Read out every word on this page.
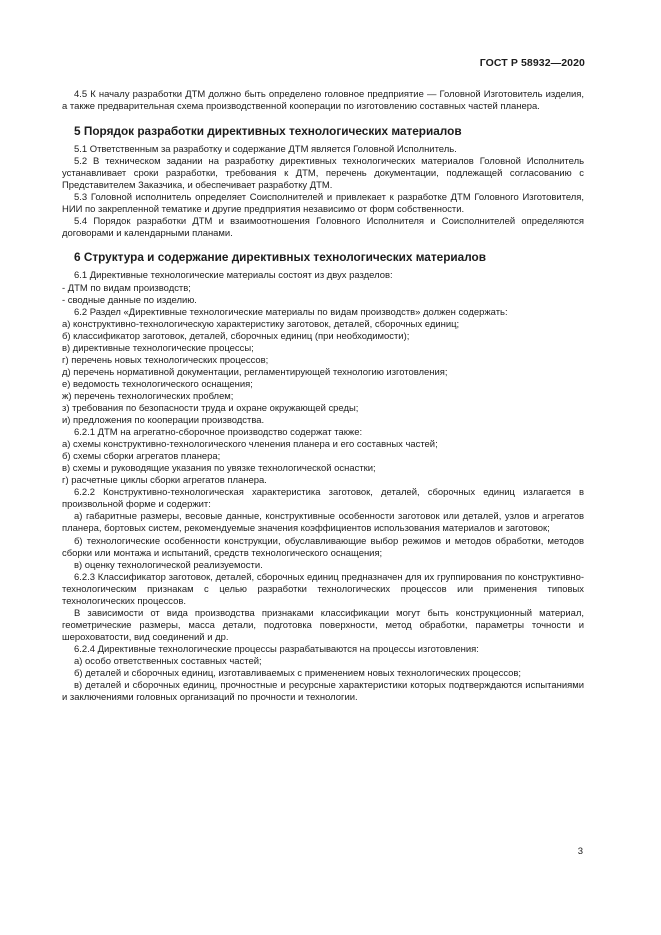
ГОСТ Р 58932—2020

4.5 К началу разработки ДТМ должно быть определено головное предприятие — Головной Изготовитель изделия, а также предварительная схема производственной кооперации по изготовлению составных частей планера.

5 Порядок разработки директивных технологических материалов

5.1 Ответственным за разработку и содержание ДТМ является Головной Исполнитель.

5.2 В техническом задании на разработку директивных технологических материалов Головной Исполнитель устанавливает сроки разработки, требования к ДТМ, перечень документации, подлежащей согласованию с Представителем Заказчика, и обеспечивает разработку ДТМ.

5.3 Головной исполнитель определяет Соисполнителей и привлекает к разработке ДТМ Головного Изготовителя, НИИ по закрепленной тематике и другие предприятия независимо от форм собственности.

5.4 Порядок разработки ДТМ и взаимоотношения Головного Исполнителя и Соисполнителей определяются договорами и календарными планами.

6 Структура и содержание директивных технологических материалов

6.1 Директивные технологические материалы состоят из двух разделов:

- ДТМ по видам производств;

- сводные данные по изделию.

6.2 Раздел «Директивные технологические материалы по видам производств» должен содержать:

а) конструктивно-технологическую характеристику заготовок, деталей, сборочных единиц;

б) классификатор заготовок, деталей, сборочных единиц (при необходимости);

в) директивные технологические процессы;

г) перечень новых технологических процессов;

д) перечень нормативной документации, регламентирующей технологию изготовления;

е) ведомость технологического оснащения;

ж) перечень технологических проблем;

з) требования по безопасности труда и охране окружающей среды;

и) предложения по кооперации производства.

6.2.1 ДТМ на агрегатно-сборочное производство содержат также:

а) схемы конструктивно-технологического членения планера и его составных частей;

б) схемы сборки агрегатов планера;

в) схемы и руководящие указания по увязке технологической оснастки;

г) расчетные циклы сборки агрегатов планера.

6.2.2 Конструктивно-технологическая характеристика заготовок, деталей, сборочных единиц излагается в произвольной форме и содержит:

а) габаритные размеры, весовые данные, конструктивные особенности заготовок или деталей, узлов и агрегатов планера, бортовых систем, рекомендуемые значения коэффициентов использования материалов и заготовок;

б) технологические особенности конструкции, обуславливающие выбор режимов и методов обработки, методов сборки или монтажа и испытаний, средств технологического оснащения;

в) оценку технологической реализуемости.

6.2.3 Классификатор заготовок, деталей, сборочных единиц предназначен для их группирования по конструктивно-технологическим признакам с целью разработки технологических процессов или применения типовых технологических процессов.

В зависимости от вида производства признаками классификации могут быть конструкционный материал, геометрические размеры, масса детали, подготовка поверхности, метод обработки, параметры точности и шероховатости, вид соединений и др.

6.2.4 Директивные технологические процессы разрабатываются на процессы изготовления:

а) особо ответственных составных частей;

б) деталей и сборочных единиц, изготавливаемых с применением новых технологических процессов;

в) деталей и сборочных единиц, прочностные и ресурсные характеристики которых подтверждаются испытаниями и заключениями головных организаций по прочности и технологии.

3
